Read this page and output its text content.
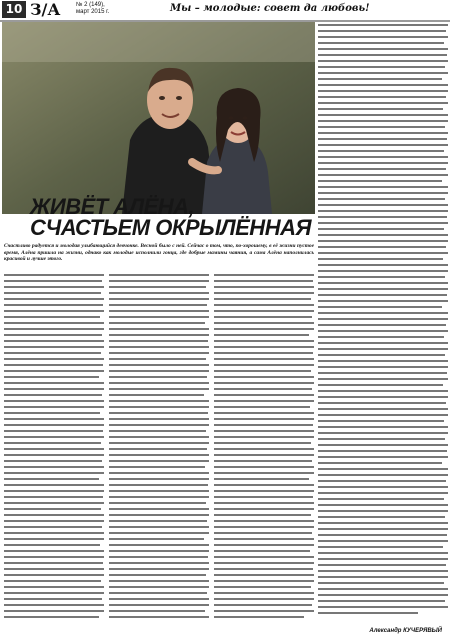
10 З/А	№ 2 (149),
март 2015 г.	Мы – молодые: совет да любовь!
ЖИВЁТ АЛЁНА,
СЧАСТЬЕМ ОКРЫЛЁННАЯ
Счастливо радуется и молодая улыбающийся девчонке. Весной было с ней. Сейчас о том, что, по-хорошему, в её жизни пустое время, Алёна пришла на жизни, однако как молодые исполнили гонца, где добрые мамины чаяния, а сама Алёна наполнилась красивой и лучше этого.
Александр КУЧЕРЯВЫЙ
